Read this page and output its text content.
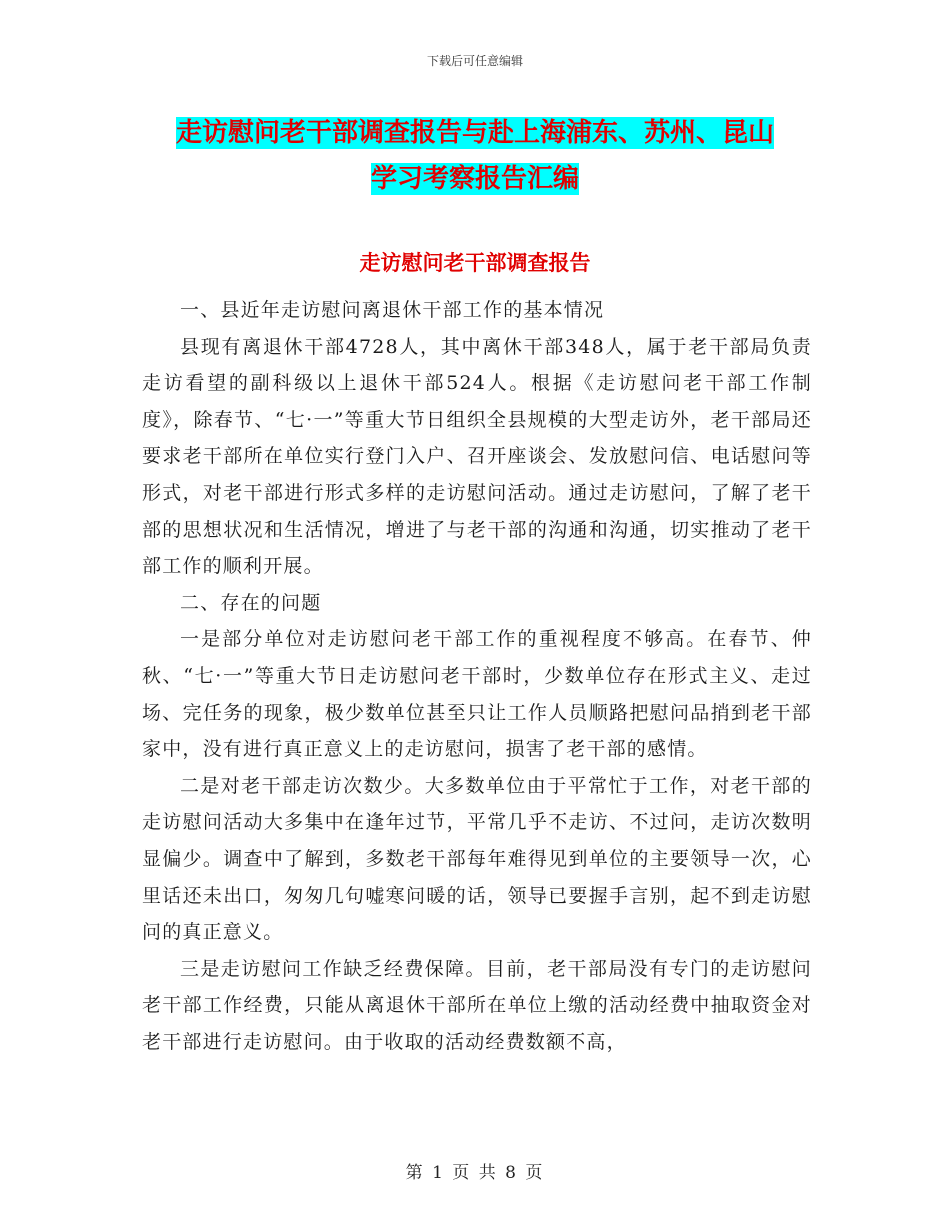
下载后可任意编辑
走访慰问老干部调查报告与赴上海浦东、苏州、昆山
学习考察报告汇编
走访慰问老干部调查报告

一、县近年走访慰问离退休干部工作的基本情况

县现有离退休干部4728人，其中离休干部348人，属于老干部局负责走访看望的副科级以上退休干部524人。根据《走访慰问老干部工作制度》，除春节、“七·一”等重大节日组织全县规模的大型走访外，老干部局还要求老干部所在单位实行登门入户、召开座谈会、发放慰问信、电话慰问等形式，对老干部进行形式多样的走访慰问活动。通过走访慰问，了解了老干部的思想状况和生活情况，增进了与老干部的沟通和沟通，切实推动了老干部工作的顺利开展。

二、存在的问题

一是部分单位对走访慰问老干部工作的重视程度不够高。在春节、仲秋、“七·一”等重大节日走访慰问老干部时，少数单位存在形式主义、走过场、完任务的现象，极少数单位甚至只让工作人员顺路把慰问品捎到老干部家中，没有进行真正意义上的走访慰问，损害了老干部的感情。

二是对老干部走访次数少。大多数单位由于平常忙于工作，对老干部的走访慰问活动大多集中在逢年过节，平常几乎不走访、不过问，走访次数明显偏少。调查中了解到，多数老干部每年难得见到单位的主要领导一次，心里话还未出口，匆匆几句嘘寒问暖的话，领导已要握手言别，起不到走访慰问的真正意义。

三是走访慰问工作缺乏经费保障。目前，老干部局没有专门的走访慰问老干部工作经费，只能从离退休干部所在单位上缴的活动经费中抽取资金对老干部进行走访慰问。由于收取的活动经费数额不高，

第 1 页 共 8 页
